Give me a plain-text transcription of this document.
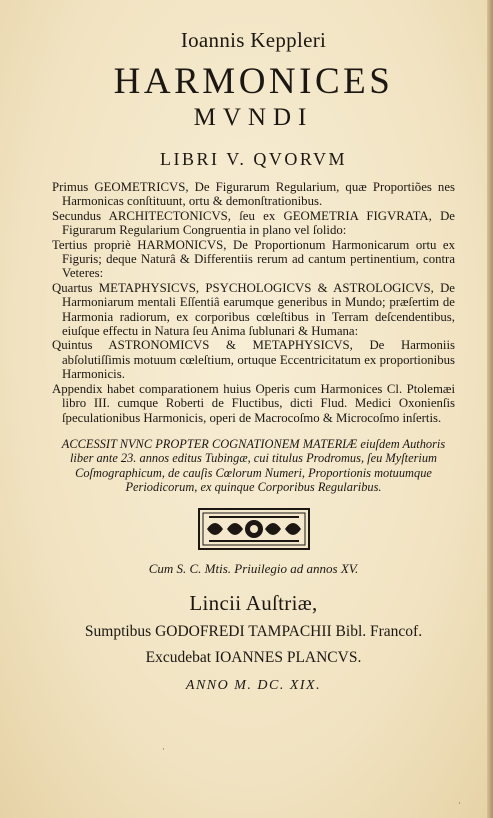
Ioannis Keppleri
HARMONICES
MVNDI
LIBRI V. QVORVM

Primus GEOMETRICVS, De Figurarum Regularium, quæ Proportiões nes Harmonicas conſtituunt, ortu & demonſtrationibus.

Secundus ARCHITECTONICVS, ſeu ex GEOMETRIA FIGVRATA, De Figurarum Regularium Congruentia in plano vel ſolido:

Tertius propriè HARMONICVS, De Proportionum Harmonicarum ortu ex Figuris; deque Naturâ & Differentiis rerum ad cantum pertinentium, contra Veteres:

Quartus METAPHYSICVS, PSYCHOLOGICVS & ASTROLOGICVS, De Harmoniarum mentali Eſſentiâ earumque generibus in Mundo; præſertim de Harmonia radiorum, ex corporibus cœleſtibus in Terram deſcendentibus, eiuſque effectu in Natura ſeu Anima ſublunari & Humana:

Quintus ASTRONOMICVS & METAPHYSICVS, De Harmoniis abſolutiſſimis motuum cœleſtium, ortuque Eccentricitatum ex proportionibus Harmonicis.

Appendix habet comparationem huius Operis cum Harmonices Cl. Ptolemæi libro III. cumque Roberti de Fluctibus, dicti Flud. Medici Oxonienſis ſpeculationibus Harmonicis, operi de Macrocoſmo & Microcoſmo inſertis.

ACCESSIT NVNC PROPTER COGNATIONEM MATERIÆ eiuſdem Authoris liber ante 23. annos editus Tubingæ, cui titulus Prodromus, ſeu Myſterium Coſmographicum, de cauſis Cœlorum Numeri, Proportionis motuumque Periodicorum, ex quinque Corporibus Regularibus.
Cum S. C. Mtis. Priuilegio ad annos XV.
Lincii Auſtriæ,
Sumptibus GODOFREDI TAMPACHII Bibl. Francof.
Excudebat IOANNES PLANCVS.
ANNO M. DC. XIX.
·
·
